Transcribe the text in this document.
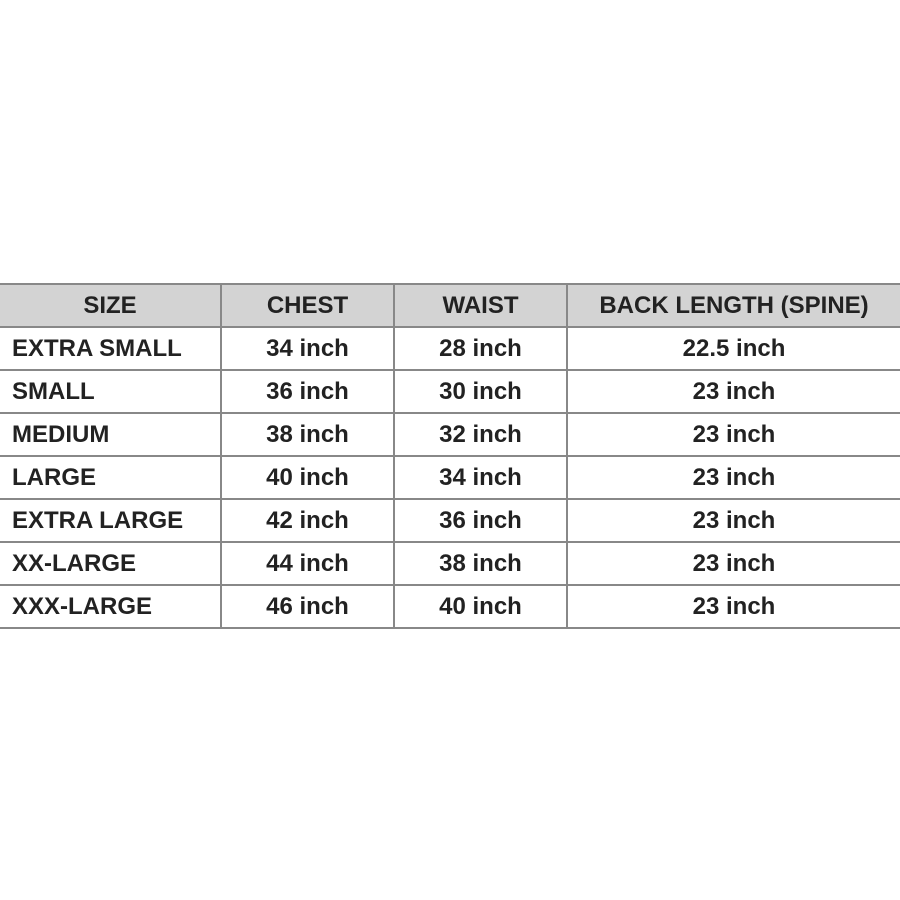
SIZE	CHEST	WAIST	BACK LENGTH (SPINE)
EXTRA SMALL	34 inch	28 inch	22.5 inch
SMALL	36 inch	30 inch	23 inch
MEDIUM	38 inch	32 inch	23 inch
LARGE	40 inch	34 inch	23 inch
EXTRA LARGE	42 inch	36 inch	23 inch
XX-LARGE	44 inch	38 inch	23 inch
XXX-LARGE	46 inch	40 inch	23 inch
